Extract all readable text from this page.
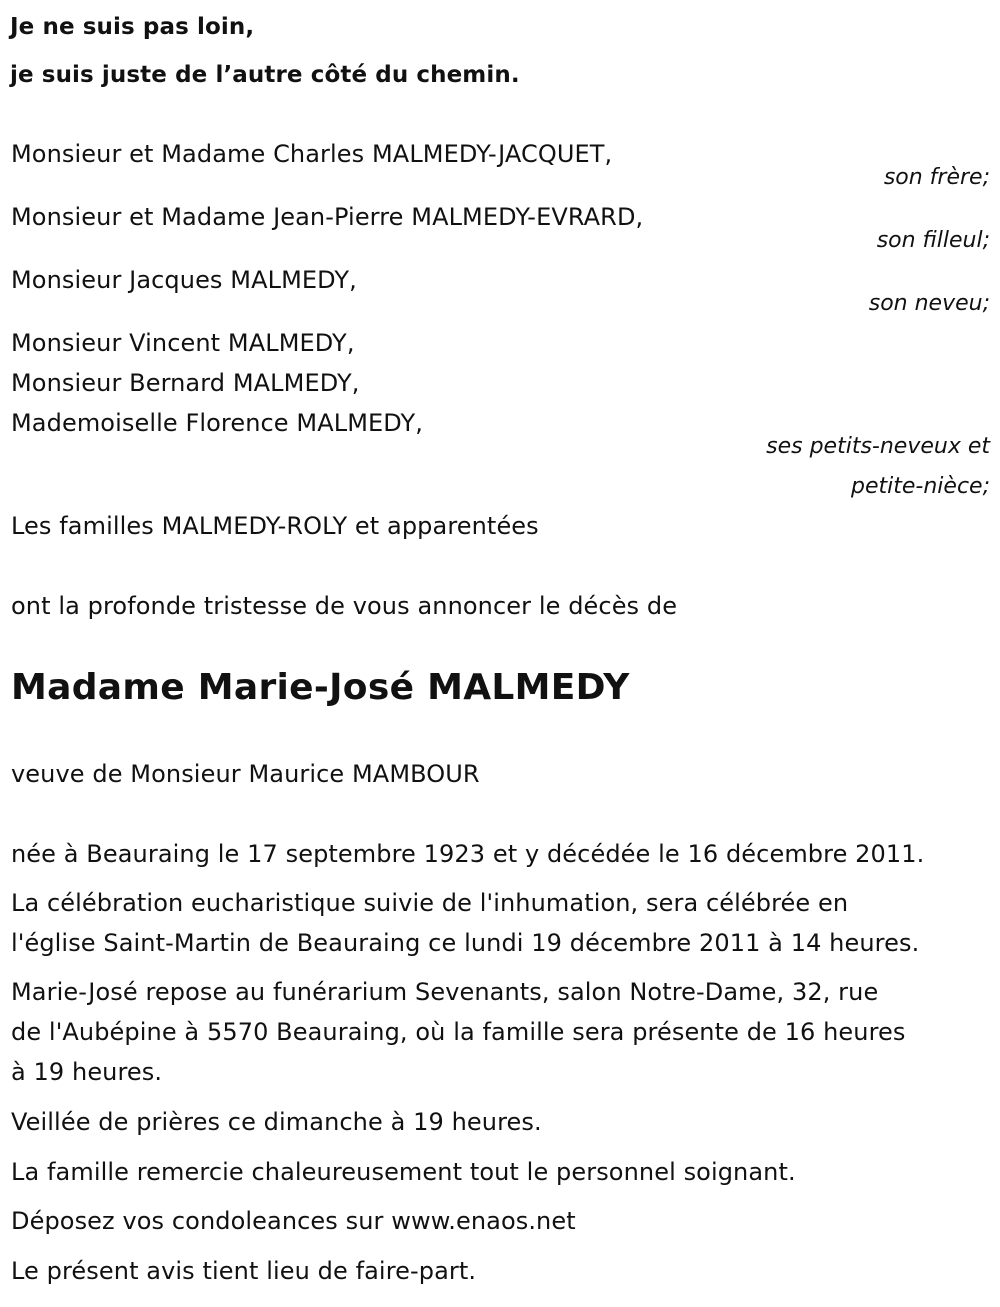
Je ne suis pas loin,
je suis juste de l’autre côté du chemin.
Monsieur et Madame Charles MALMEDY-JACQUET,
son frère;
Monsieur et Madame Jean-Pierre MALMEDY-EVRARD,
son filleul;
Monsieur Jacques MALMEDY,
son neveu;
Monsieur Vincent MALMEDY,
Monsieur Bernard MALMEDY,
Mademoiselle Florence MALMEDY,
ses petits-neveux et
petite-nièce;
Les familles MALMEDY-ROLY et apparentées
ont la profonde tristesse de vous annoncer le décès de
Madame Marie-José MALMEDY
veuve de Monsieur Maurice MAMBOUR
née à Beauraing le 17 septembre 1923 et y décédée le 16 décembre 2011.
La célébration eucharistique suivie de l'inhumation, sera célébrée en
l'église Saint-Martin de Beauraing ce lundi 19 décembre 2011 à 14 heures.
Marie-José repose au funérarium Sevenants, salon Notre-Dame, 32, rue
de l'Aubépine à 5570 Beauraing, où la famille sera présente de 16 heures
à 19 heures.
Veillée de prières ce dimanche à 19 heures.
La famille remercie chaleureusement tout le personnel soignant.
Déposez vos condoleances sur www.enaos.net
Le présent avis tient lieu de faire-part.
